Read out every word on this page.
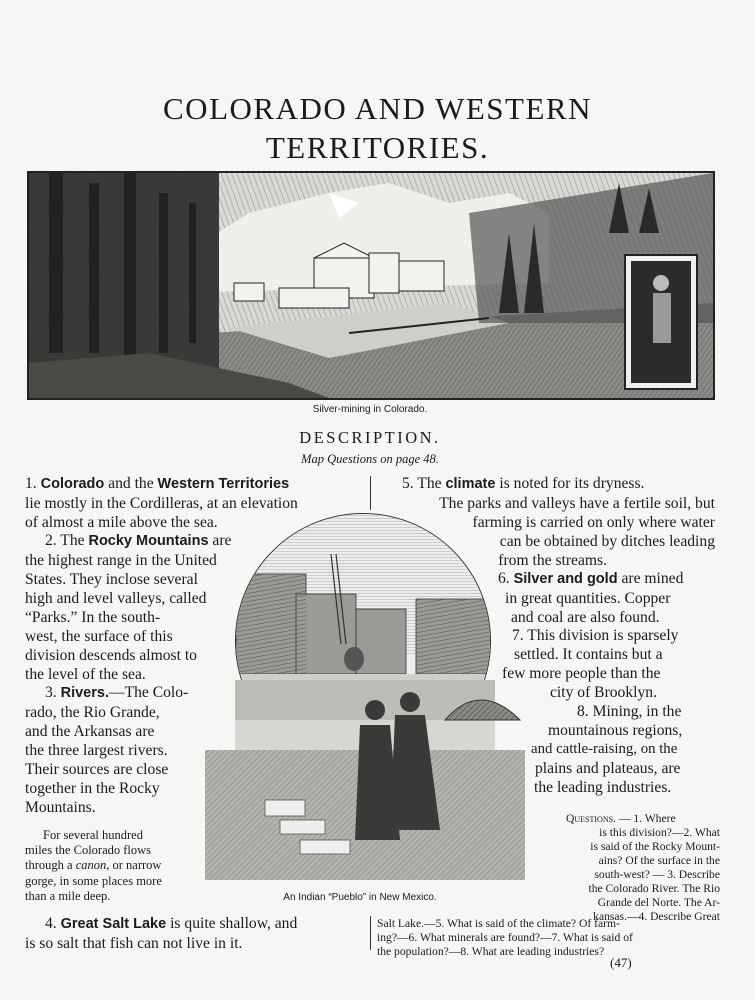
COLORADO AND WESTERN
TERRITORIES.
Silver-mining in Colorado.
DESCRIPTION.
Map Questions on page 48.
1. Colorado and the Western Territories
lie mostly in the Cordilleras, at an elevation
of almost a mile above the sea.
2. The Rocky Mountains are
the highest range in the United
States. They inclose several
high and level valleys, called
“Parks.” In the south-
west, the surface of this
division descends almost to
the level of the sea.
3. Rivers.—The Colo-
rado, the Rio Grande,
and the Arkansas are
the three largest rivers.
Their sources are close
together in the Rocky
Mountains.
For several hundred
miles the Colorado flows
through a canon, or narrow
gorge, in some places more
than a mile deep.
4. Great Salt Lake is quite shallow, and
is so salt that fish can not live in it.
5. The climate is noted for its dryness.
The parks and valleys have a fertile soil, but
farming is carried on only where water
can be obtained by ditches leading
from the streams.
6. Silver and gold are mined
in great quantities. Copper
and coal are also found.
7. This division is sparsely
settled. It contains but a
few more people than the
city of Brooklyn.
8. Mining, in the
mountainous regions,
and cattle-raising, on the
plains and plateaus, are
the leading industries.
Questions. — 1. Where
is this division?—2. What
is said of the Rocky Mount-
ains? Of the surface in the
south-west? — 3. Describe
the Colorado River. The Rio
Grande del Norte. The Ar-
kansas.—4. Describe Great
Salt Lake.—5. What is said of the climate? Of farm-
ing?—6. What minerals are found?—7. What is said of
the population?—8. What are leading industries?
An Indian “Pueblo” in New Mexico.
(47)
